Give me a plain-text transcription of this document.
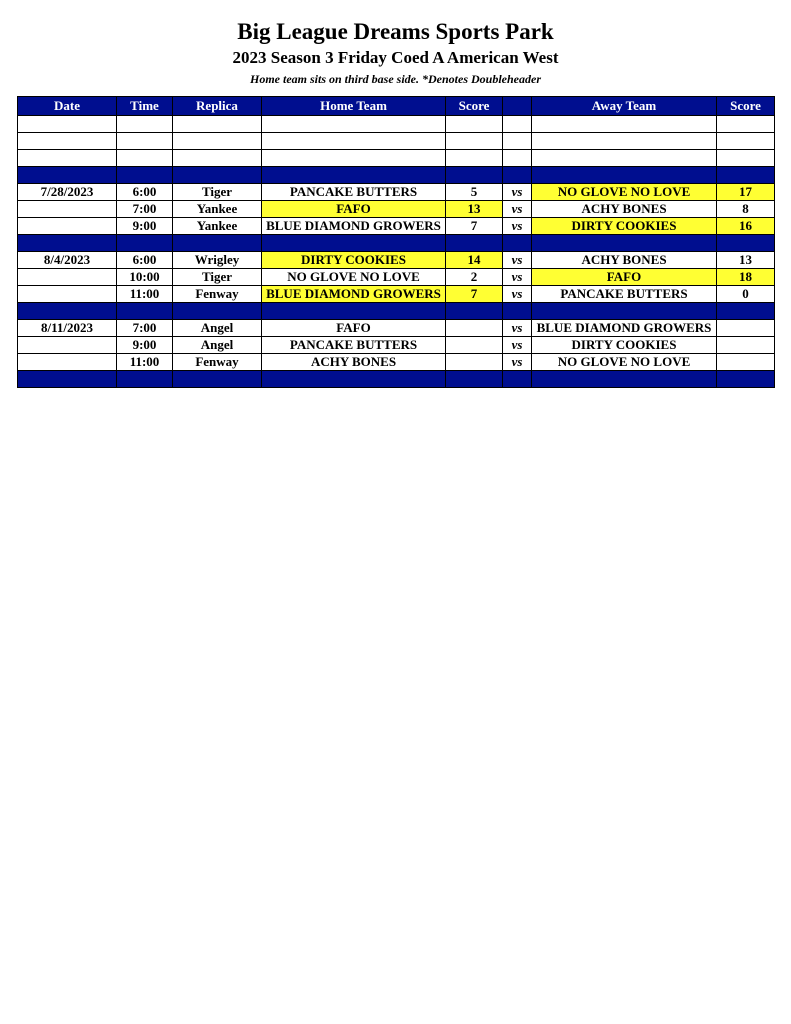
Big League Dreams Sports Park
2023 Season 3 Friday Coed A American West
Home team sits on third base side. *Denotes Doubleheader
Date	Time	Replica	Home Team	Score		Away Team	Score

7/28/2023	6:00	Tiger	PANCAKE BUTTERS	5	vs	NO GLOVE NO LOVE	17
	7:00	Yankee	FAFO	13	vs	ACHY BONES	8
	9:00	Yankee	BLUE DIAMOND GROWERS	7	vs	DIRTY COOKIES	16

8/4/2023	6:00	Wrigley	DIRTY COOKIES	14	vs	ACHY BONES	13
	10:00	Tiger	NO GLOVE NO LOVE	2	vs	FAFO	18
	11:00	Fenway	BLUE DIAMOND GROWERS	7	vs	PANCAKE BUTTERS	0

8/11/2023	7:00	Angel	FAFO		vs	BLUE DIAMOND GROWERS	
	9:00	Angel	PANCAKE BUTTERS		vs	DIRTY COOKIES	
	11:00	Fenway	ACHY BONES		vs	NO GLOVE NO LOVE	
